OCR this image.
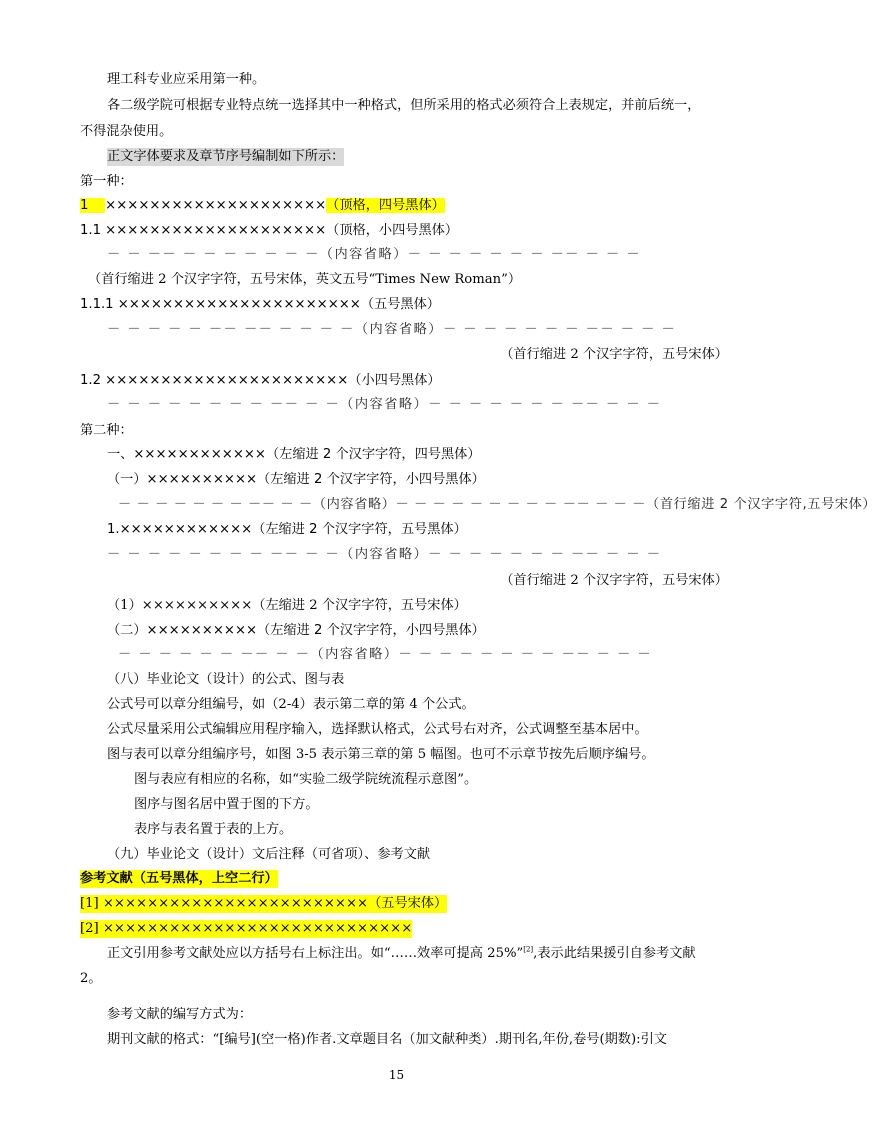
理工科专业应采用第一种。
各二级学院可根据专业特点统一选择其中一种格式，但所采用的格式必须符合上表规定，并前后统一，
不得混杂使用。
正文字体要求及章节序号编制如下所示：
第一种：
1    ××××××××××××××××××××（顶格，四号黑体）
1.1 ××××××××××××××××××××（顶格，小四号黑体）
－ － －－ － － － － － － －（内容省略）－ － － － － － － －－ － － －
（首行缩进 2 个汉字字符，五号宋体，英文五号“Times New Roman”）
1.1.1 ××××××××××××××××××××××（五号黑体）
－ － － － － －－ －－ － － － －（内容省略）－ － － － － － － －－ － － －
（首行缩进 2 个汉字字符，五号宋体）
1.2 ××××××××××××××××××××××（小四号黑体）
－ － － － － － － － －－ － －（内容省略）－ － － － － － － －－ － － －
第二种：
一、××××××××××××（左缩进 2 个汉字字符，四号黑体）
（一）××××××××××（左缩进 2 个汉字字符，小四号黑体）
－ － － － － － － －－ － －（内容省略）－ － － － － － － － － －－ － － －（首行缩进 2 个汉字字符,五号宋体）
1.××××××××××××（左缩进 2 个汉字字符，五号黑体）
－ － － － － － － － －－ － －（内容省略）－ － － － － － － －－ － － －
（首行缩进 2 个汉字字符，五号宋体）
（1）××××××××××（左缩进 2 个汉字字符，五号宋体）
（二）××××××××××（左缩进 2 个汉字字符，小四号黑体）
－ － － － － － －－ － －（内容省略）－ － － － － － － － －－ － － －
（八）毕业论文（设计）的公式、图与表
公式号可以章分组编号，如（2-4）表示第二章的第 4 个公式。
公式尽量采用公式编辑应用程序输入，选择默认格式，公式号右对齐，公式调整至基本居中。
图与表可以章分组编序号，如图 3-5 表示第三章的第 5 幅图。也可不示章节按先后顺序编号。
图与表应有相应的名称，如“实验二级学院统流程示意图”。
图序与图名居中置于图的下方。
表序与表名置于表的上方。
（九）毕业论文（设计）文后注释（可省项）、参考文献
参考文献（五号黑体，上空二行）
[1] ××××××××××××××××××××××××（五号宋体）
[2] ××××××××××××××××××××××××××××
正文引用参考文献处应以方括号右上标注出。如“……效率可提高 25%”[2],表示此结果援引自参考文献
2。
参考文献的编写方式为：
期刊文献的格式：“[编号](空一格)作者.文章题目名（加文献种类）.期刊名,年份,卷号(期数):引文
15
